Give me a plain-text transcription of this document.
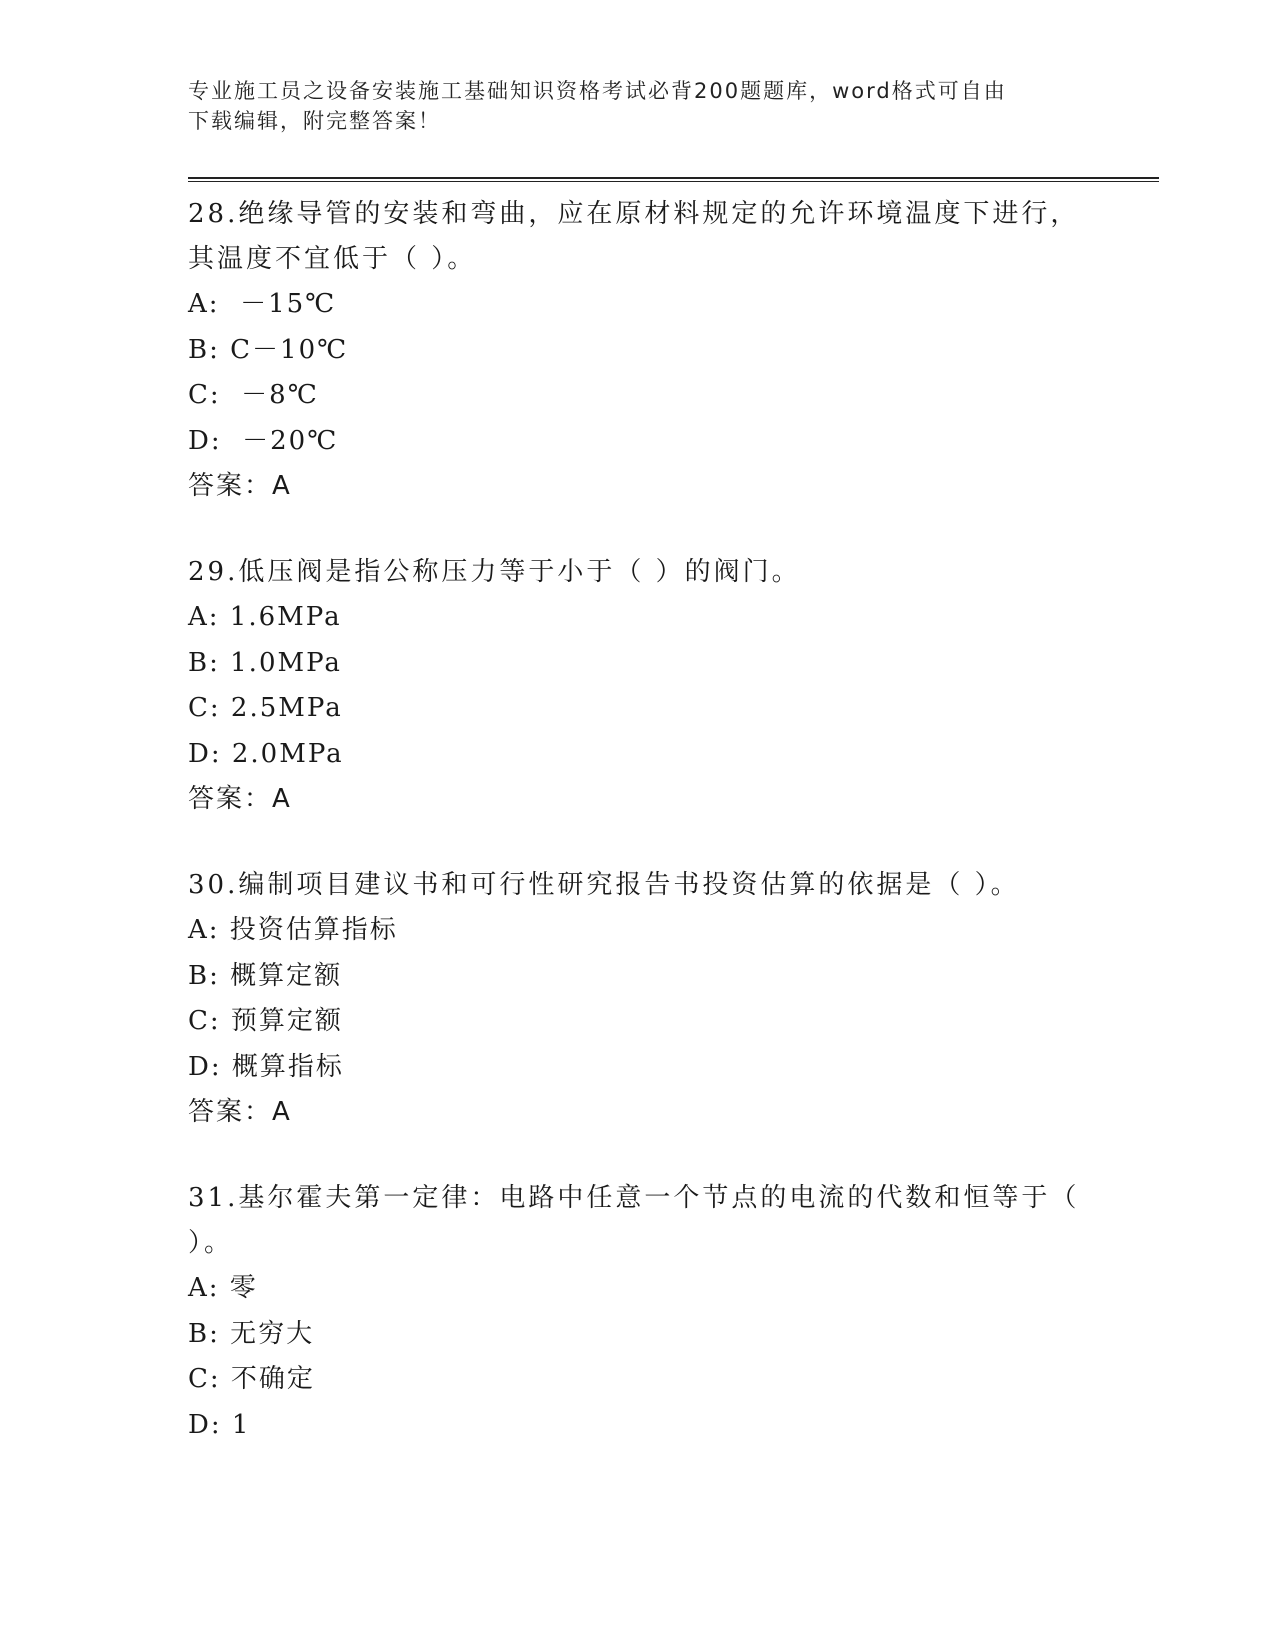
专业施工员之设备安装施工基础知识资格考试必背200题题库，word格式可自由
下载编辑，附完整答案！

28.绝缘导管的安装和弯曲，应在原材料规定的允许环境温度下进行，

其温度不宜低于（ ）。

A:  －15℃

B: C－10℃

C:  －8℃

D:  －20℃

答案：A

29.低压阀是指公称压力等于小于（ ）的阀门。

A: 1.6MPa

B: 1.0MPa

C: 2.5MPa

D: 2.0MPa

答案：A

30.编制项目建议书和可行性研究报告书投资估算的依据是（ ）。

A: 投资估算指标

B: 概算定额

C: 预算定额

D: 概算指标

答案：A

31.基尔霍夫第一定律：电路中任意一个节点的电流的代数和恒等于（

）。

A: 零

B: 无穷大

C: 不确定

D: 1
